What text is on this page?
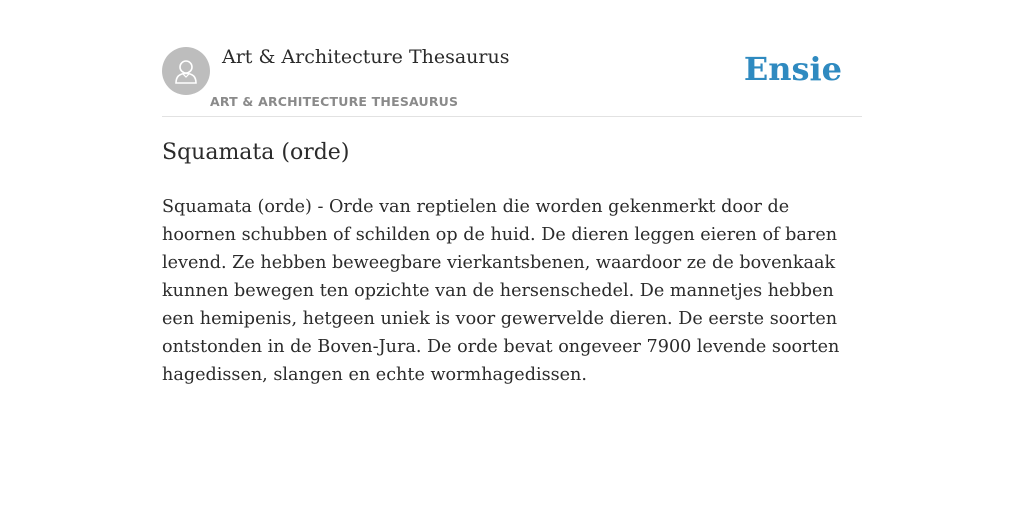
Art & Architecture Thesaurus
ART & ARCHITECTURE THESAURUS
Ensie
Squamata (orde)

Squamata (orde) - Orde van reptielen die worden gekenmerkt door de hoornen schubben of schilden op de huid. De dieren leggen eieren of baren levend. Ze hebben beweegbare vierkantsbenen, waardoor ze de bovenkaak kunnen bewegen ten opzichte van de hersenschedel. De mannetjes hebben een hemipenis, hetgeen uniek is voor gewervelde dieren. De eerste soorten ontstonden in de Boven-Jura. De orde bevat ongeveer 7900 levende soorten hagedissen, slangen en echte wormhagedissen.
